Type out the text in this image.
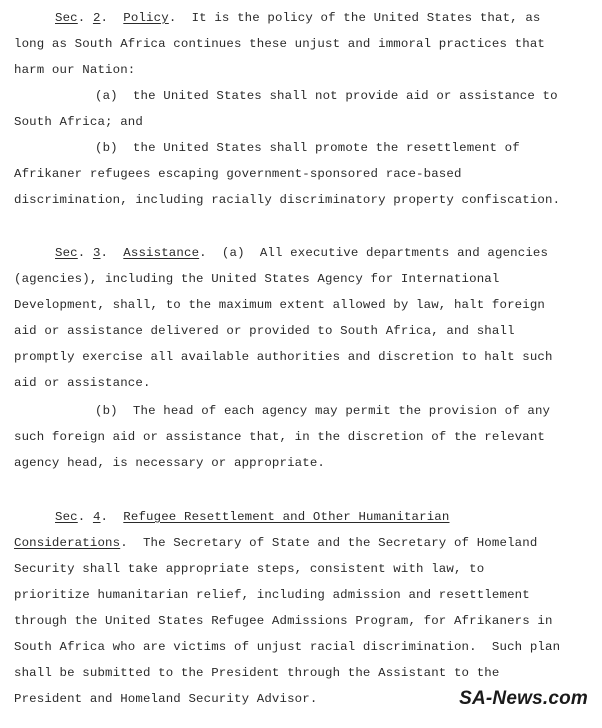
Sec. 2.  Policy.  It is the policy of the United States that, as
long as South Africa continues these unjust and immoral practices that
harm our Nation:
(a)  the United States shall not provide aid or assistance to
South Africa; and
(b)  the United States shall promote the resettlement of
Afrikaner refugees escaping government-sponsored race-based
discrimination, including racially discriminatory property confiscation.
Sec. 3.  Assistance.  (a)  All executive departments and agencies
(agencies), including the United States Agency for International
Development, shall, to the maximum extent allowed by law, halt foreign
aid or assistance delivered or provided to South Africa, and shall
promptly exercise all available authorities and discretion to halt such
aid or assistance.
(b)  The head of each agency may permit the provision of any
such foreign aid or assistance that, in the discretion of the relevant
agency head, is necessary or appropriate.
Sec. 4.  Refugee Resettlement and Other Humanitarian
Considerations.  The Secretary of State and the Secretary of Homeland
Security shall take appropriate steps, consistent with law, to
prioritize humanitarian relief, including admission and resettlement
through the United States Refugee Admissions Program, for Afrikaners in
South Africa who are victims of unjust racial discrimination.  Such plan
shall be submitted to the President through the Assistant to the
President and Homeland Security Advisor.	SA-News.com
